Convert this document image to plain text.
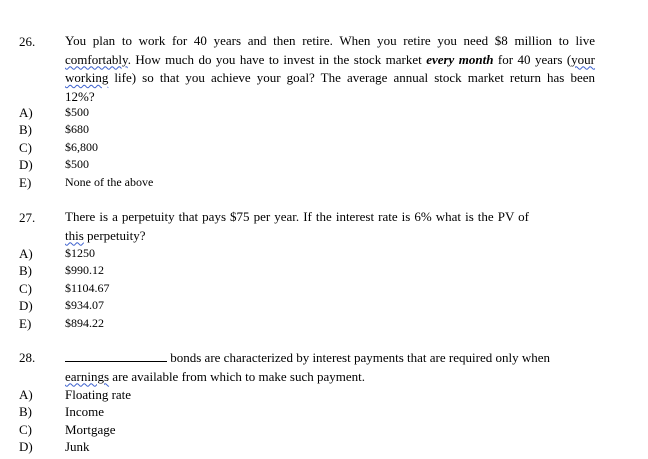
26. You plan to work for 40 years and then retire. When you retire you need $8 million to live
comfortably. How much do you have to invest in the stock market every month for 40 years (your
working life) so that you achieve your goal? The average annual stock market return has been
12%?
A)	$500
B)	$680
C)	$6,800
D)	$500
E)	None of the above
27. There is a perpetuity that pays $75 per year. If the interest rate is 6% what is the PV of
this perpetuity?
A)	$1250
B)	$990.12
C)	$1104.67
D)	$934.07
E)	$894.22
28.	bonds are characterized by interest payments that are required only when
earnings are available from which to make such payment.
A) Floating rate
B)	Income
C)	Mortgage
D) Junk
